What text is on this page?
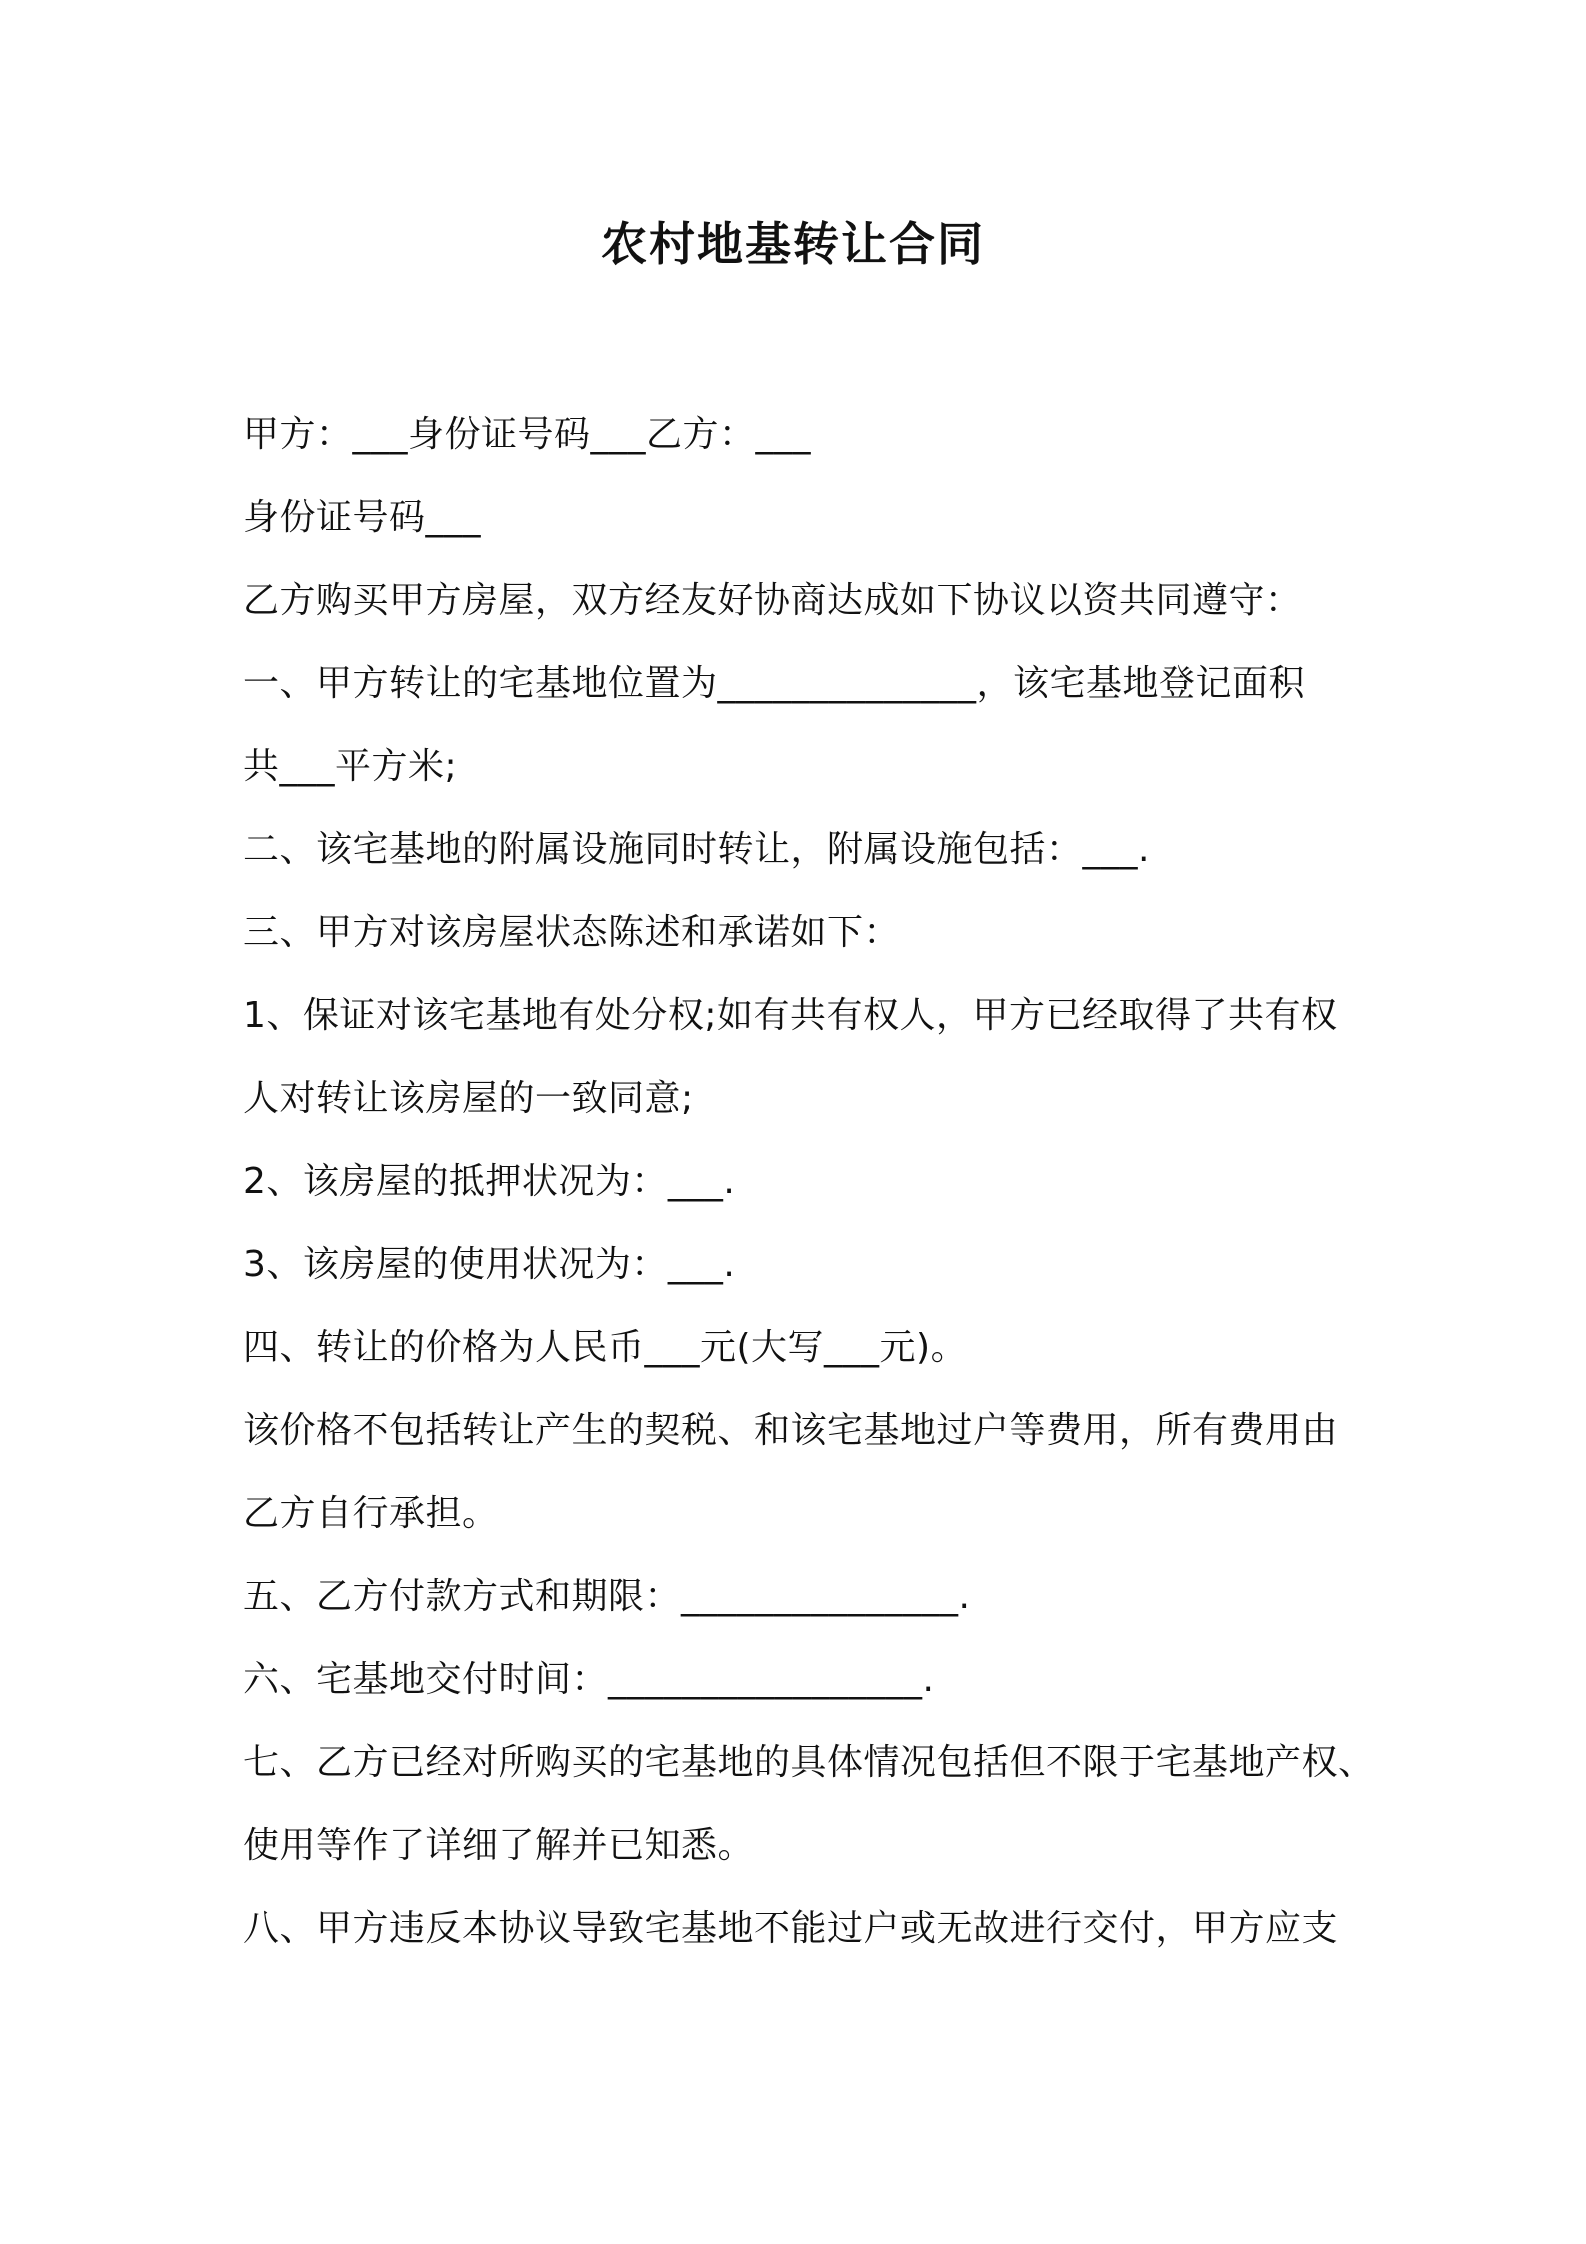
农村地基转让合同
甲方：___身份证号码___乙方：___
身份证号码___
乙方购买甲方房屋，双方经友好协商达成如下协议以资共同遵守：
一、甲方转让的宅基地位置为______________，该宅基地登记面积
共___平方米;
二、该宅基地的附属设施同时转让，附属设施包括：___.
三、甲方对该房屋状态陈述和承诺如下：
1、保证对该宅基地有处分权;如有共有权人，甲方已经取得了共有权
人对转让该房屋的一致同意;
2、该房屋的抵押状况为：___.
3、该房屋的使用状况为：___.
四、转让的价格为人民币___元(大写___元)。
该价格不包括转让产生的契税、和该宅基地过户等费用，所有费用由
乙方自行承担。
五、乙方付款方式和期限：_______________.
六、宅基地交付时间：_________________.
七、乙方已经对所购买的宅基地的具体情况包括但不限于宅基地产权、
使用等作了详细了解并已知悉。
八、甲方违反本协议导致宅基地不能过户或无故进行交付，甲方应支
